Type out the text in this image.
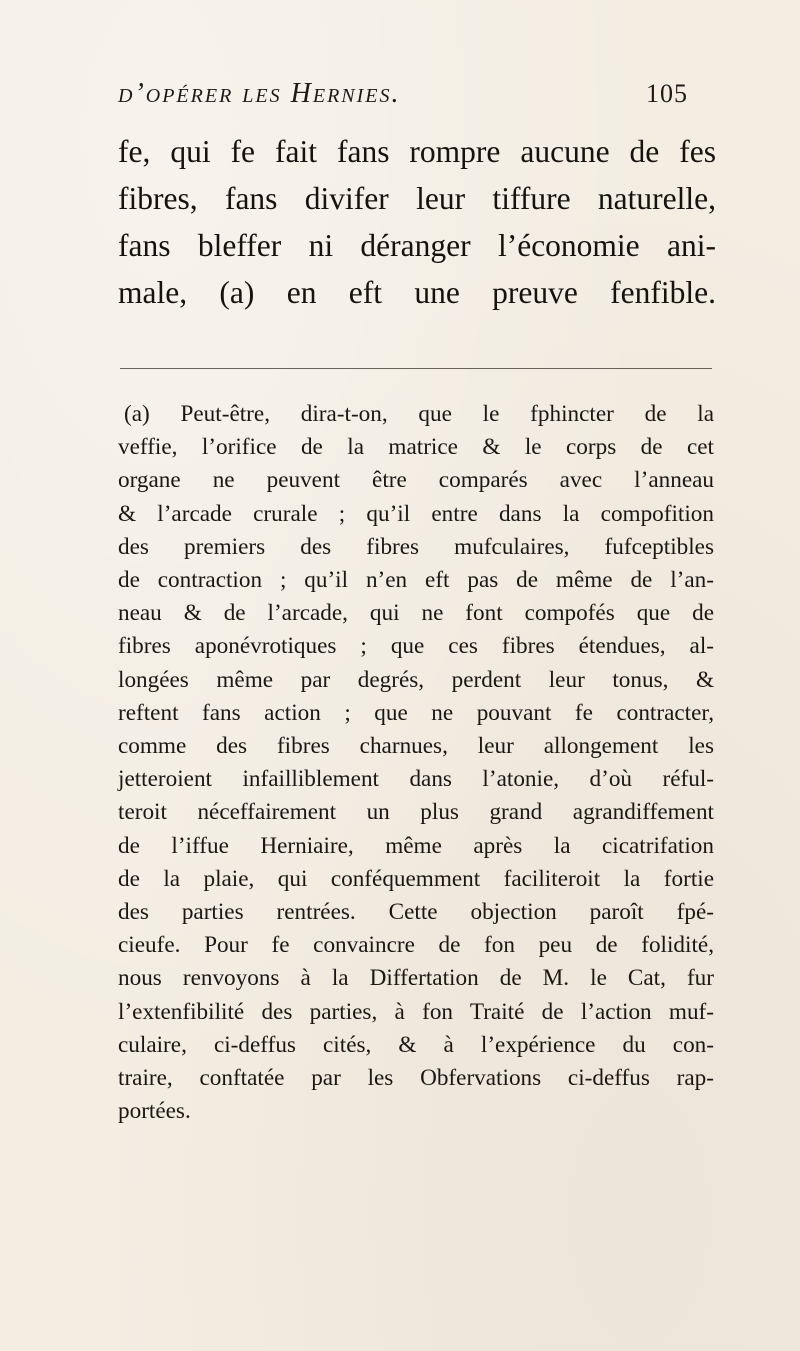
d’opérer les Hernies.	105
fe, qui fe fait fans rompre aucune de fes
fibres, fans divifer leur tiffure naturelle,
fans bleffer ni déranger l’économie ani-
male, (a) en eft une preuve fenfible.
(a) Peut-être, dira-t-on, que le fphincter de la
veffie, l’orifice de la matrice & le corps de cet
organe ne peuvent être comparés avec l’anneau
& l’arcade crurale ; qu’il entre dans la compofition
des premiers des fibres mufculaires, fufceptibles
de contraction ; qu’il n’en eft pas de même de l’an-
neau & de l’arcade, qui ne font compofés que de
fibres aponévrotiques ; que ces fibres étendues, al-
longées même par degrés, perdent leur tonus, &
reftent fans action ; que ne pouvant fe contracter,
comme des fibres charnues, leur allongement les
jetteroient infailliblement dans l’atonie, d’où réful-
teroit néceffairement un plus grand agrandiffement
de l’iffue Herniaire, même après la cicatrifation
de la plaie, qui conféquemment faciliteroit la fortie
des parties rentrées. Cette objection paroît fpé-
cieufe. Pour fe convaincre de fon peu de folidité,
nous renvoyons à la Differtation de M. le Cat, fur
l’extenfibilité des parties, à fon Traité de l’action muf-
culaire, ci-deffus cités, & à l’expérience du con-
traire, conftatée par les Obfervations ci-deffus rap-
portées.
